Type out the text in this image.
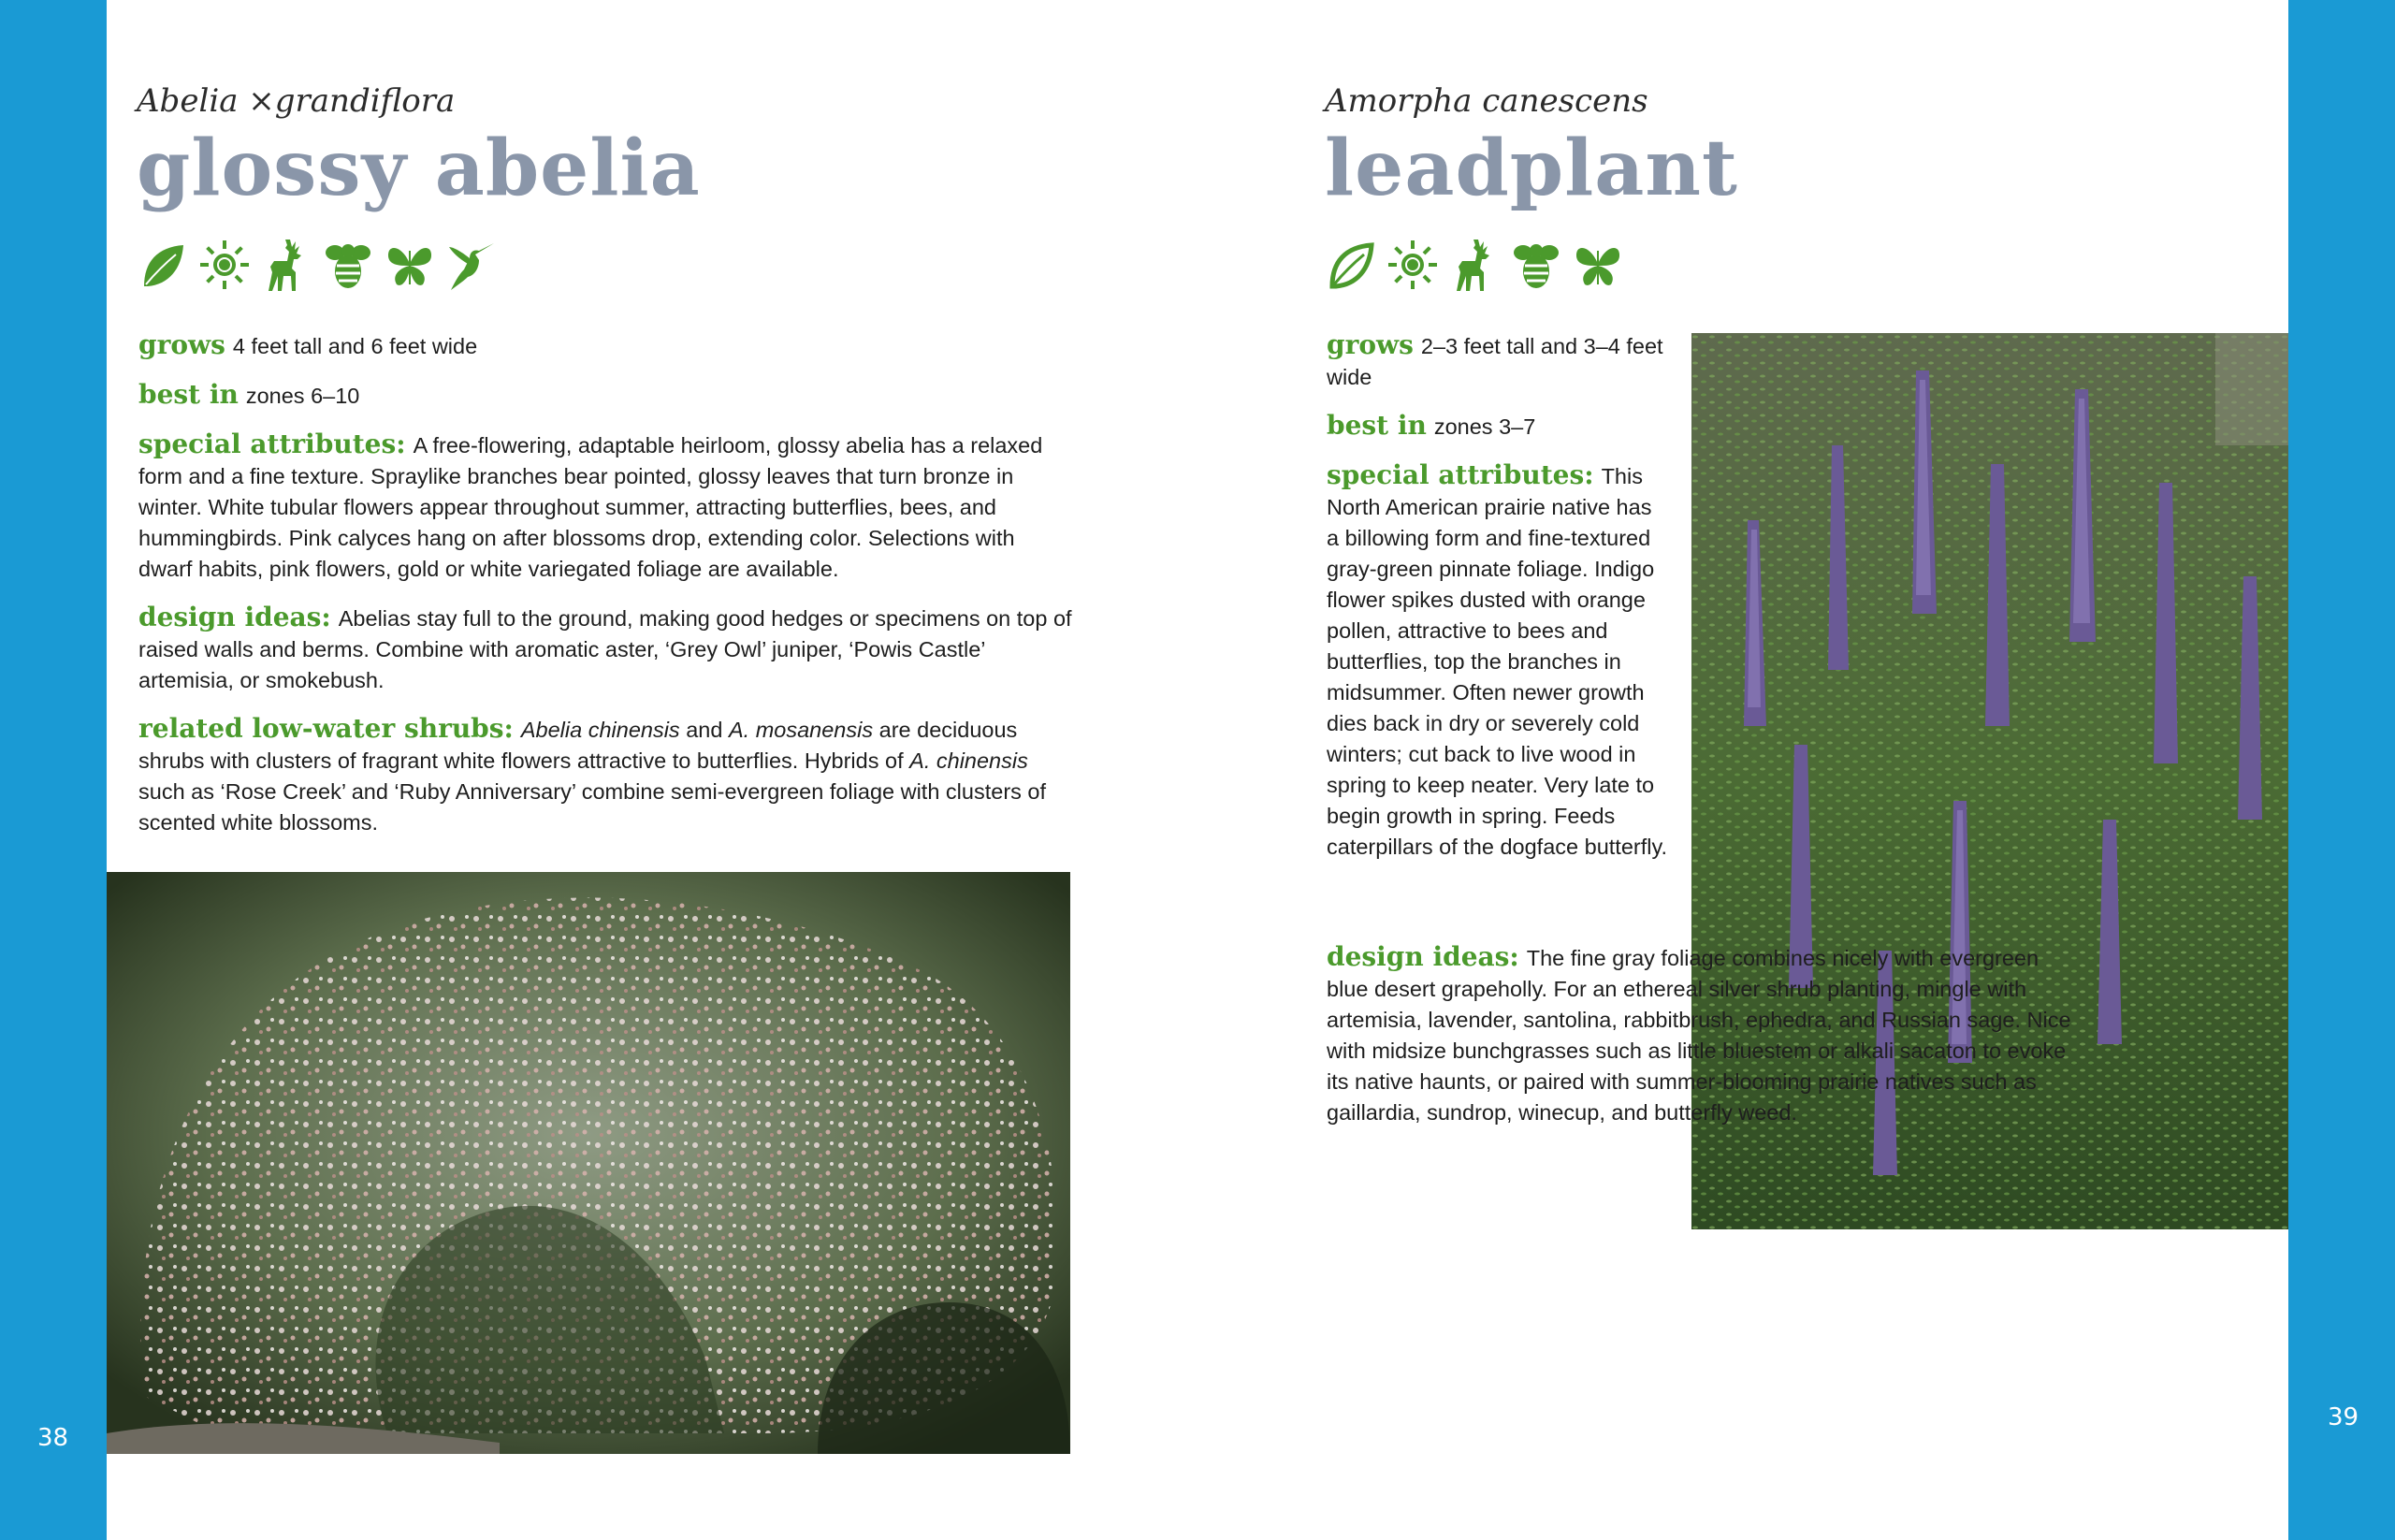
38
39
Abelia ×grandiflora
glossy abelia

grows 4 feet tall and 6 feet wide

best in zones 6–10

special attributes: A free-flowering, adaptable heirloom, glossy abelia has a relaxed form and a fine texture. Spraylike branches bear pointed, glossy leaves that turn bronze in winter. White tubular flowers appear throughout summer, attracting butterflies, bees, and hummingbirds. Pink calyces hang on after blossoms drop, extending color. Selections with dwarf habits, pink flowers, gold or white variegated foliage are available.

design ideas: Abelias stay full to the ground, making good hedges or specimens on top of raised walls and berms. Combine with aromatic aster, ‘Grey Owl’ juniper, ‘Powis Castle’ artemisia, or smokebush.

related low-water shrubs: Abelia chinensis and A. mosanensis are deciduous shrubs with clusters of fragrant white flowers attractive to butterflies. Hybrids of A. chinensis such as ‘Rose Creek’ and ‘Ruby Anniversary’ combine semi-evergreen foliage with clusters of scented white blossoms.

Amorpha canescens
leadplant

grows 2–3 feet tall and 3–4 feet wide

best in zones 3–7

special attributes: This North American prairie native has a billowing form and fine-textured gray-green pinnate foliage. Indigo flower spikes dusted with orange pollen, attractive to bees and butterflies, top the branches in midsummer. Often newer growth dies back in dry or severely cold winters; cut back to live wood in spring to keep neater. Very late to begin growth in spring. Feeds caterpillars of the dogface butterfly.

design ideas: The fine gray foliage combines nicely with evergreen blue desert grapeholly. For an ethereal silver shrub planting, mingle with artemisia, lavender, santolina, rabbitbrush, ephedra, and Russian sage. Nice with midsize bunchgrasses such as little bluestem or alkali sacaton to evoke its native haunts, or paired with summer-blooming prairie natives such as gaillardia, sundrop, winecup, and butterfly weed.
